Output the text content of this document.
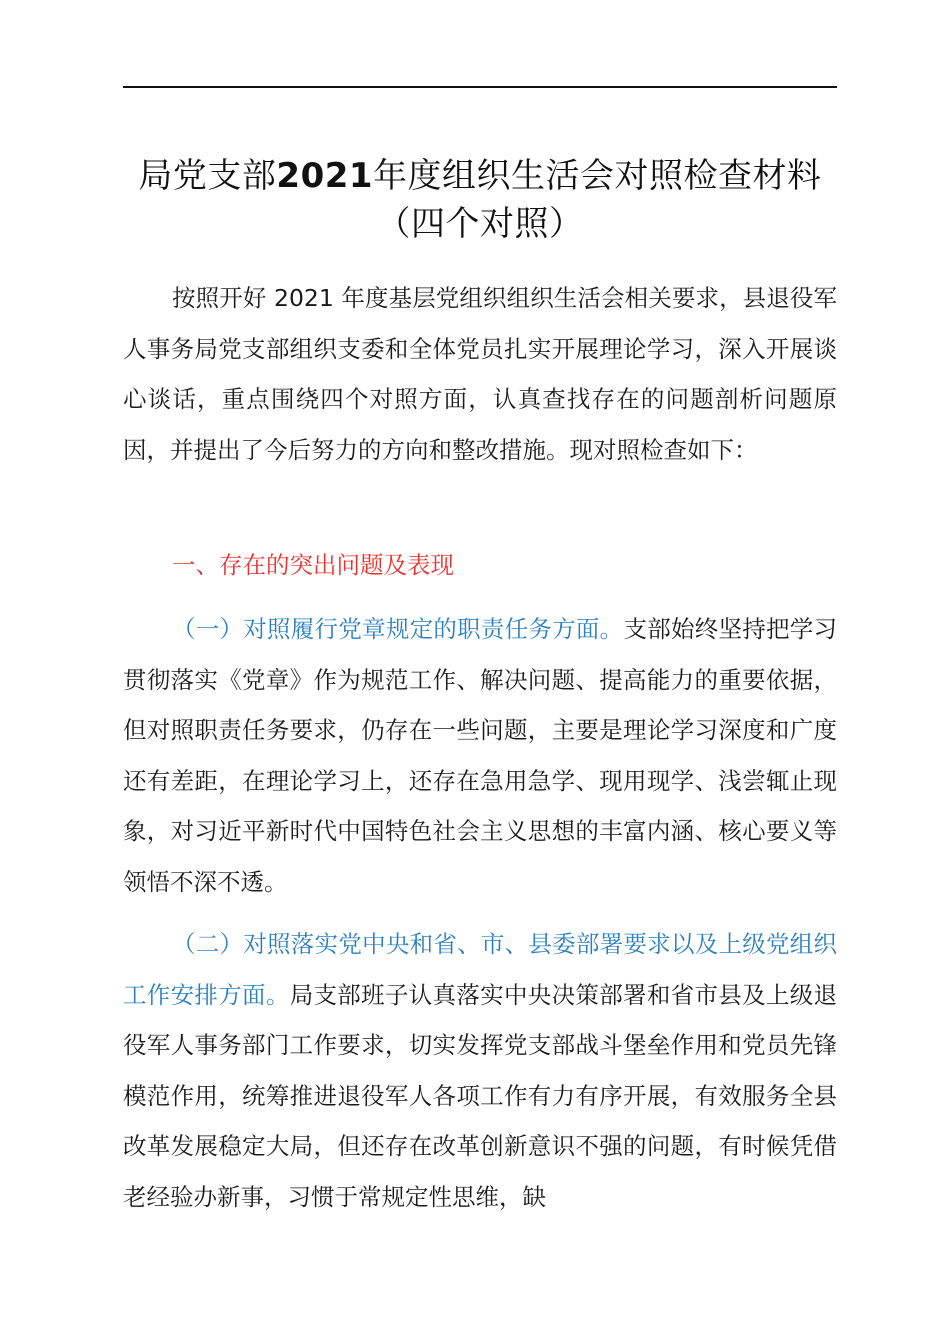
局党支部2021年度组织生活会对照检查材料
（四个对照）

按照开好 2021 年度基层党组织组织生活会相关要求，县退役军人事务局党支部组织支委和全体党员扎实开展理论学习，深入开展谈心谈话，重点围绕四个对照方面，认真查找存在的问题剖析问题原因，并提出了今后努力的方向和整改措施。现对照检查如下：

一、存在的突出问题及表现

（一）对照履行党章规定的职责任务方面。支部始终坚持把学习贯彻落实《党章》作为规范工作、解决问题、提高能力的重要依据，但对照职责任务要求，仍存在一些问题，主要是理论学习深度和广度还有差距，在理论学习上，还存在急用急学、现用现学、浅尝辄止现象，对习近平新时代中国特色社会主义思想的丰富内涵、核心要义等领悟不深不透。

（二）对照落实党中央和省、市、县委部署要求以及上级党组织工作安排方面。局支部班子认真落实中央决策部署和省市县及上级退役军人事务部门工作要求，切实发挥党支部战斗堡垒作用和党员先锋模范作用，统筹推进退役军人各项工作有力有序开展，有效服务全县改革发展稳定大局，但还存在改革创新意识不强的问题，有时候凭借老经验办新事，习惯于常规定性思维，缺
